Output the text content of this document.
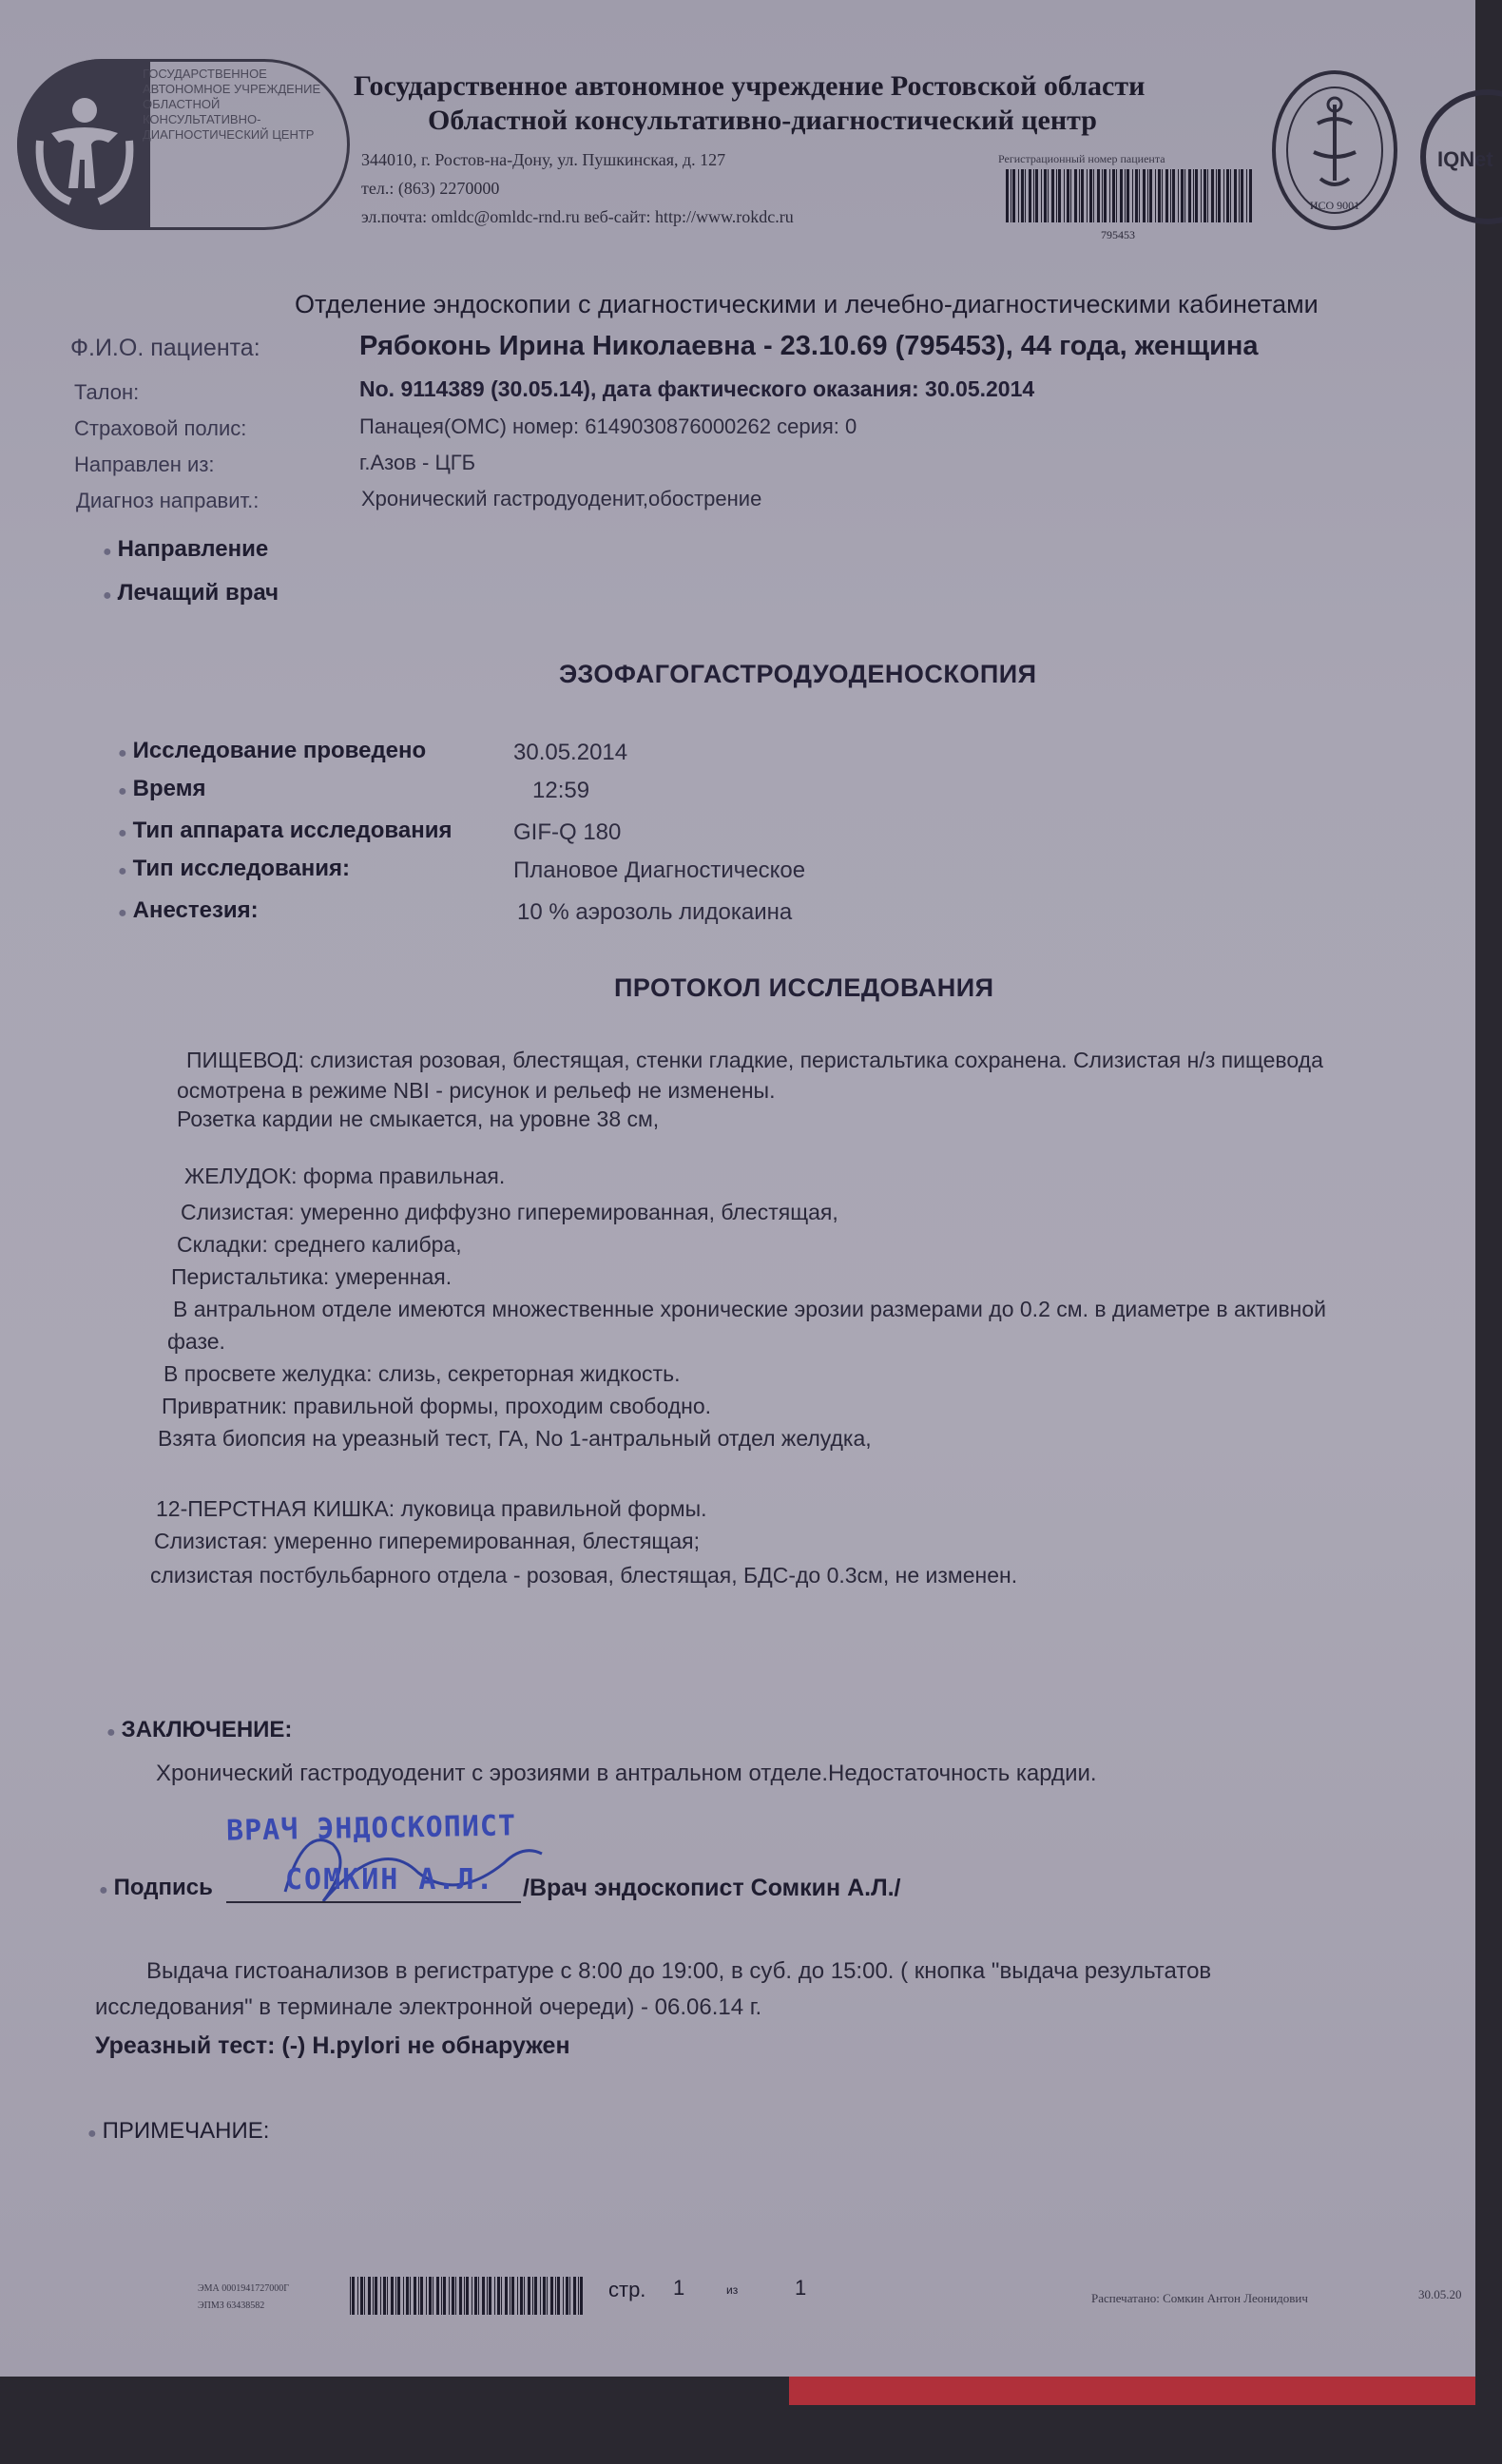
ГОСУДАРСТВЕННОЕ АВТОНОМНОЕ УЧРЕЖДЕНИЕ ОБЛАСТНОЙ КОНСУЛЬТАТИВНО-ДИАГНОСТИЧЕСКИЙ ЦЕНТР
Государственное автономное учреждение Ростовской области
Областной консультативно-диагностический центр
344010, г. Ростов-на-Дону, ул. Пушкинская, д. 127
тел.: (863) 2270000
эл.почта: omldc@omldc-rnd.ru веб-сайт: http://www.rokdc.ru
Регистрационный номер пациента
795453
ИСО 9001
IQNet
Отделение эндоскопии с диагностическими и лечебно-диагностическими кабинетами
Ф.И.О. пациента:	Рябоконь Ирина Николаевна - 23.10.69 (795453), 44 года, женщина
Талон:	No. 9114389 (30.05.14), дата фактического оказания: 30.05.2014
Страховой полис:	Панацея(ОМС) номер: 6149030876000262 серия: 0
Направлен из:	г.Азов - ЦГБ
Диагноз направит.:	Хронический гастродуоденит,обострение
● Направление
● Лечащий врач
ЭЗОФАГОГАСТРОДУОДЕНОСКОПИЯ
● Исследование проведено	30.05.2014
● Время	12:59
● Тип аппарата исследования	GIF-Q 180
● Тип исследования:	Плановое Диагностическое
● Анестезия:	10 % аэрозоль лидокаина
ПРОТОКОЛ ИССЛЕДОВАНИЯ
ПИЩЕВОД: слизистая розовая, блестящая, стенки гладкие, перистальтика сохранена. Слизистая н/з пищевода
осмотрена в режиме NBI - рисунок и рельеф не изменены.
Розетка кардии не смыкается, на уровне 38 см,
ЖЕЛУДОК: форма правильная.
Слизистая: умеренно диффузно гиперемированная, блестящая,
Складки: среднего калибра,
Перистальтика: умеренная.
В антральном отделе имеются множественные хронические эрозии размерами до 0.2 см. в диаметре в активной
фазе.
В просвете желудка: слизь, секреторная жидкость.
Привратник: правильной формы, проходим свободно.
Взята биопсия на уреазный тест, ГА, No 1-антральный отдел желудка,
12-ПЕРСТНАЯ КИШКА: луковица правильной формы.
Слизистая: умеренно гиперемированная, блестящая;
слизистая постбульбарного отдела - розовая, блестящая, БДС-до 0.3см, не изменен.
● ЗАКЛЮЧЕНИЕ:
Хронический гастродуоденит с эрозиями в антральном отделе.Недостаточность кардии.
ВРАЧ ЭНДОСКОПИСТ
СОМКИН А.Л.
● Подпись	/Врач эндоскопист Сомкин А.Л./
Выдача гистоанализов в регистратуре с 8:00 до 19:00, в суб. до 15:00. ( кнопка "выдача результатов
исследования" в терминале электронной очереди) - 06.06.14 г.
Уреазный тест: (-) H.pylori не обнаружен
● ПРИМЕЧАНИЕ:
ЭМА 0001941727000Г
ЭПМЗ 63438582
стр. 1	из	1	Распечатано: Сомкин Антон Леонидович	30.05.20
